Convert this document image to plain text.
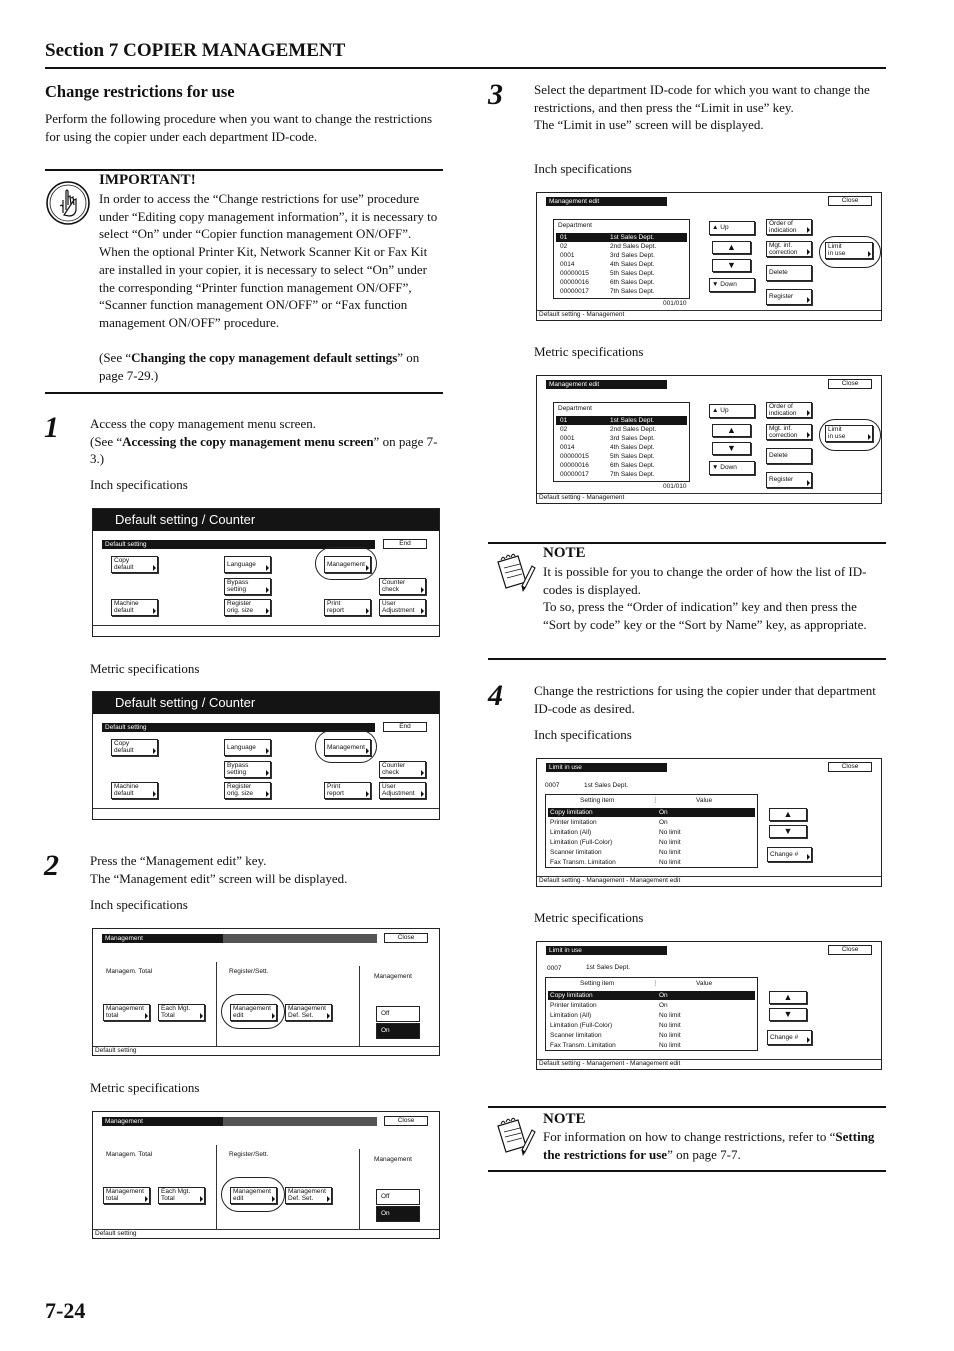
Section 7 COPIER MANAGEMENT
Change restrictions for use
Perform the following procedure when you want to change the restrictions for using the copier under each department ID-code.
IMPORTANT!
In order to access the “Change restrictions for use” procedure under “Editing copy management information”, it is necessary to select “On” under “Copier function management ON/OFF”. When the optional Printer Kit, Network Scanner Kit or Fax Kit are installed in your copier, it is necessary to select “On” under the corresponding “Printer function management ON/OFF”, “Scanner function management ON/OFF” or “Fax function management ON/OFF” procedure.
(See “Changing the copy management default settings” on page 7-29.)
1 Access the copy management menu screen.
(See “Accessing the copy management menu screen” on page 7-3.)
Inch specifications
Default setting / Counter
Default setting	End
Copy
default
Machine
default
Language
Bypass
setting
Register
orig. size
Management
Print
report
Counter
check
User
Adjustment
Metric specifications
Default setting / Counter
Default setting	End
Copy
default
Machine
default
Language
Bypass
setting
Register
orig. size
Management
Print
report
Counter
check
User
Adjustment
2 Press the “Management edit” key.
The “Management edit” screen will be displayed.
Inch specifications
Management	Close
Managem. Total	Register/Sett.
Management
Management
total
Each Mgt.
Total
Management
edit
Management
Def. Set.	Off
On
Default setting
Metric specifications
Management	Close
Managem. Total	Register/Sett.
Management
Management
total
Each Mgt.
Total
Management
edit
Management
Def. Set.	Off
On
Default setting
7-24
3 Select the department ID-code for which you want to change the restrictions, and then press the “Limit in use” key.
The “Limit in use” screen will be displayed.
Inch specifications
Management edit	Close
Department
01	1st Sales Dept.
02	2nd Sales Dept.
0001	3rd Sales Dept.
0014	4th Sales Dept.
00000015	5th Sales Dept.
00000016	6th Sales Dept.
00000017	7th Sales Dept.
001/010
▲ Up
▲
▼
▼ Down
Order of
indication
Mgt. inf.
correction
Delete
Register
Limit
in use
Default setting - Management
Metric specifications
Management edit	Close
Department
01	1st Sales Dept.
02	2nd Sales Dept.
0001	3rd Sales Dept.
0014	4th Sales Dept.
00000015	5th Sales Dept.
00000016	6th Sales Dept.
00000017	7th Sales Dept.
001/010
▲ Up
▲
▼
▼ Down
Order of
indication
Mgt. inf.
correction
Delete
Register
Limit
in use
Default setting - Management
NOTE
It is possible for you to change the order of how the list of ID-codes is displayed.
To so, press the “Order of indication” key and then press the “Sort by code” key or the “Sort by Name” key, as appropriate.
4 Change the restrictions for using the copier under that department ID-code as desired.
Inch specifications
Limit in use	Close
0007	1st Sales Dept.
Setting item	⋮	Value
Copy limitation	On
Printer limitation	On
Limitation (All)	No limit
Limitation (Full-Color)	No limit
Scanner limitation	No limit
Fax Transm. Limitation	No limit
▲
▼
Change #
Default setting - Management - Management edit
Metric specifications
Limit in use	Close
0007	1st Sales Dept.
Setting item	⋮	Value
Copy limitation	On
Printer limitation	On
Limitation (All)	No limit
Limitation (Full-Color)	No limit
Scanner limitation	No limit
Fax Transm. Limitation	No limit
▲
▼
Change #
Default setting - Management - Management edit
NOTE
For information on how to change restrictions, refer to “Setting the restrictions for use” on page 7-7.
